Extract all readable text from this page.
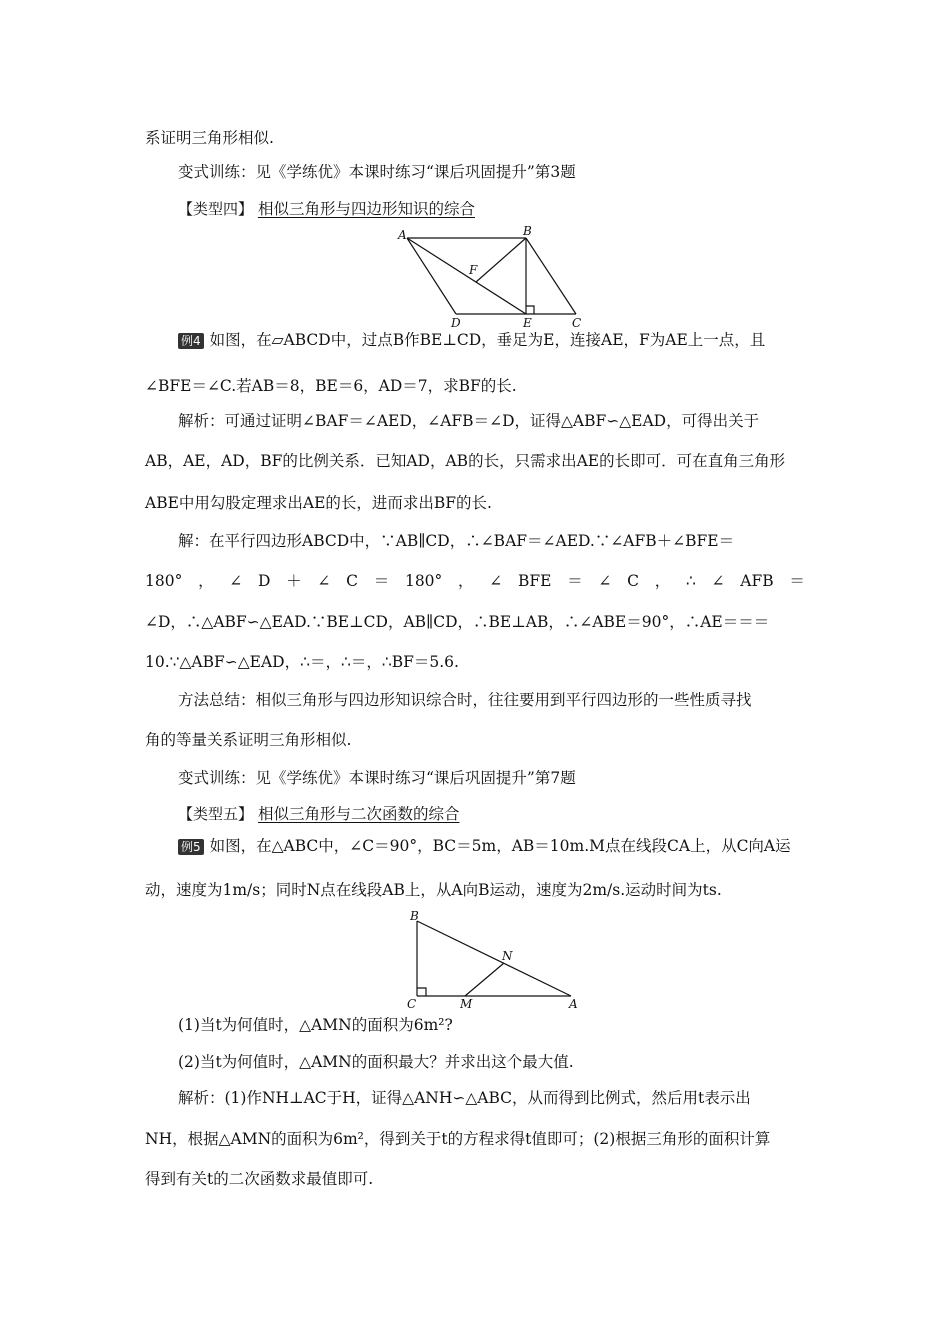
系证明三角形相似.
变式训练：见《学练优》本课时练习“课后巩固提升”第3题
【类型四】 相似三角形与四边形知识的综合
A	B
F
D	E	C
例4 如图，在▱ABCD中，过点B作BE⊥CD，垂足为E，连接AE，F为AE上一点，且
∠BFE＝∠C.若AB＝8，BE＝6，AD＝7，求BF的长.
解析：可通过证明∠BAF＝∠AED，∠AFB＝∠D，证得△ABF∽△EAD，可得出关于
AB，AE，AD，BF的比例关系．已知AD，AB的长，只需求出AE的长即可．可在直角三角形
ABE中用勾股定理求出AE的长，进而求出BF的长.
解：在平行四边形ABCD中，∵AB∥CD，∴∠BAF＝∠AED.∵∠AFB＋∠BFE＝
180° ， ∠ D ＋ ∠ C ＝ 180° ， ∠ BFE ＝ ∠ C ， ∴ ∠ AFB ＝
∠D，∴△ABF∽△EAD.∵BE⊥CD，AB∥CD，∴BE⊥AB，∴∠ABE＝90°，∴AE＝＝＝
10.∵△ABF∽△EAD，∴＝，∴＝，∴BF＝5.6.
方法总结：相似三角形与四边形知识综合时，往往要用到平行四边形的一些性质寻找
角的等量关系证明三角形相似.
变式训练：见《学练优》本课时练习“课后巩固提升”第7题
【类型五】 相似三角形与二次函数的综合
例5 如图，在△ABC中，∠C＝90°，BC＝5m，AB＝10m.M点在线段CA上，从C向A运
动，速度为1m/s；同时N点在线段AB上，从A向B运动，速度为2m/s.运动时间为ts.
B
N
C	M	A
(1)当t为何值时，△AMN的面积为6m²?
(2)当t为何值时，△AMN的面积最大？并求出这个最大值.
解析：(1)作NH⊥AC于H，证得△ANH∽△ABC，从而得到比例式，然后用t表示出
NH，根据△AMN的面积为6m²，得到关于t的方程求得t值即可；(2)根据三角形的面积计算
得到有关t的二次函数求最值即可.
